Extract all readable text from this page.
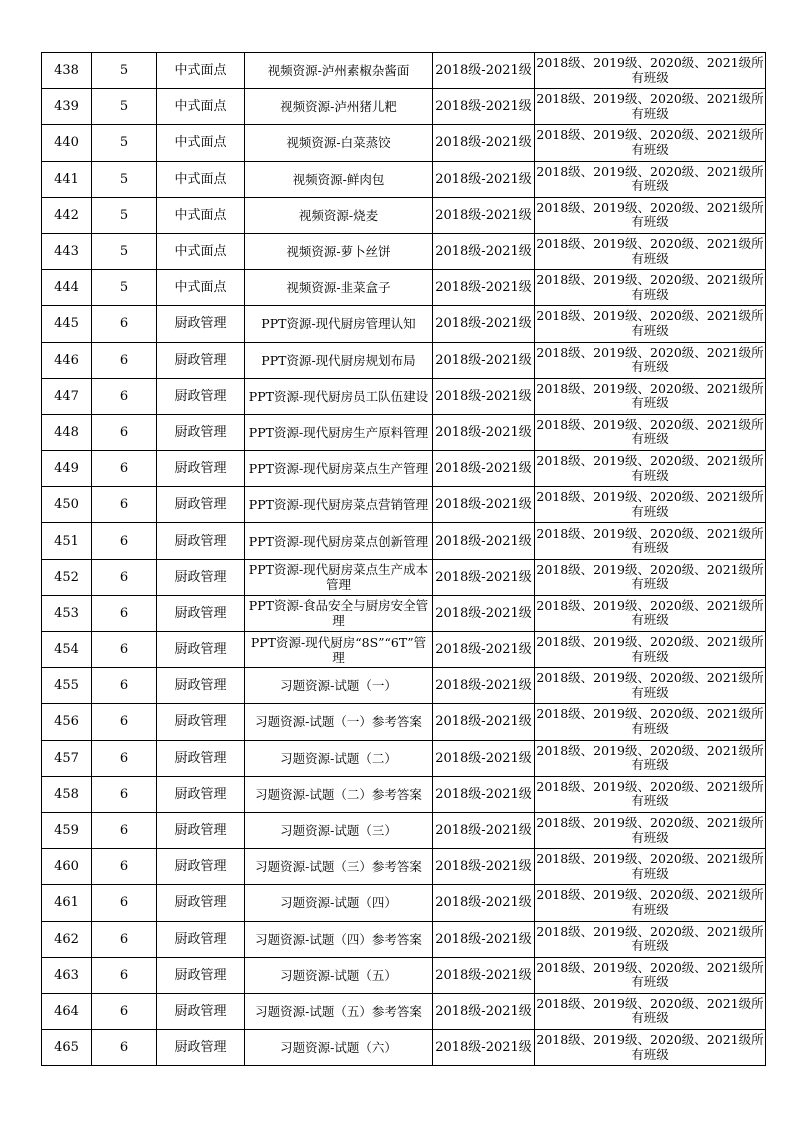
438	5	中式面点	视频资源-泸州素椒杂酱面	2018级-2021级	2018级、2019级、2020级、2021级所有班级
439	5	中式面点	视频资源-泸州猪儿粑	2018级-2021级	2018级、2019级、2020级、2021级所有班级
440	5	中式面点	视频资源-白菜蒸饺	2018级-2021级	2018级、2019级、2020级、2021级所有班级
441	5	中式面点	视频资源-鲜肉包	2018级-2021级	2018级、2019级、2020级、2021级所有班级
442	5	中式面点	视频资源-烧麦	2018级-2021级	2018级、2019级、2020级、2021级所有班级
443	5	中式面点	视频资源-萝卜丝饼	2018级-2021级	2018级、2019级、2020级、2021级所有班级
444	5	中式面点	视频资源-韭菜盒子	2018级-2021级	2018级、2019级、2020级、2021级所有班级
445	6	厨政管理	PPT资源-现代厨房管理认知	2018级-2021级	2018级、2019级、2020级、2021级所有班级
446	6	厨政管理	PPT资源-现代厨房规划布局	2018级-2021级	2018级、2019级、2020级、2021级所有班级
447	6	厨政管理	PPT资源-现代厨房员工队伍建设	2018级-2021级	2018级、2019级、2020级、2021级所有班级
448	6	厨政管理	PPT资源-现代厨房生产原料管理	2018级-2021级	2018级、2019级、2020级、2021级所有班级
449	6	厨政管理	PPT资源-现代厨房菜点生产管理	2018级-2021级	2018级、2019级、2020级、2021级所有班级
450	6	厨政管理	PPT资源-现代厨房菜点营销管理	2018级-2021级	2018级、2019级、2020级、2021级所有班级
451	6	厨政管理	PPT资源-现代厨房菜点创新管理	2018级-2021级	2018级、2019级、2020级、2021级所有班级
452	6	厨政管理	PPT资源-现代厨房菜点生产成本管理	2018级-2021级	2018级、2019级、2020级、2021级所有班级
453	6	厨政管理	PPT资源-食品安全与厨房安全管理	2018级-2021级	2018级、2019级、2020级、2021级所有班级
454	6	厨政管理	PPT资源-现代厨房“8S”“6T”管理	2018级-2021级	2018级、2019级、2020级、2021级所有班级
455	6	厨政管理	习题资源-试题（一）	2018级-2021级	2018级、2019级、2020级、2021级所有班级
456	6	厨政管理	习题资源-试题（一）参考答案	2018级-2021级	2018级、2019级、2020级、2021级所有班级
457	6	厨政管理	习题资源-试题（二）	2018级-2021级	2018级、2019级、2020级、2021级所有班级
458	6	厨政管理	习题资源-试题（二）参考答案	2018级-2021级	2018级、2019级、2020级、2021级所有班级
459	6	厨政管理	习题资源-试题（三）	2018级-2021级	2018级、2019级、2020级、2021级所有班级
460	6	厨政管理	习题资源-试题（三）参考答案	2018级-2021级	2018级、2019级、2020级、2021级所有班级
461	6	厨政管理	习题资源-试题（四）	2018级-2021级	2018级、2019级、2020级、2021级所有班级
462	6	厨政管理	习题资源-试题（四）参考答案	2018级-2021级	2018级、2019级、2020级、2021级所有班级
463	6	厨政管理	习题资源-试题（五）	2018级-2021级	2018级、2019级、2020级、2021级所有班级
464	6	厨政管理	习题资源-试题（五）参考答案	2018级-2021级	2018级、2019级、2020级、2021级所有班级
465	6	厨政管理	习题资源-试题（六）	2018级-2021级	2018级、2019级、2020级、2021级所有班级
